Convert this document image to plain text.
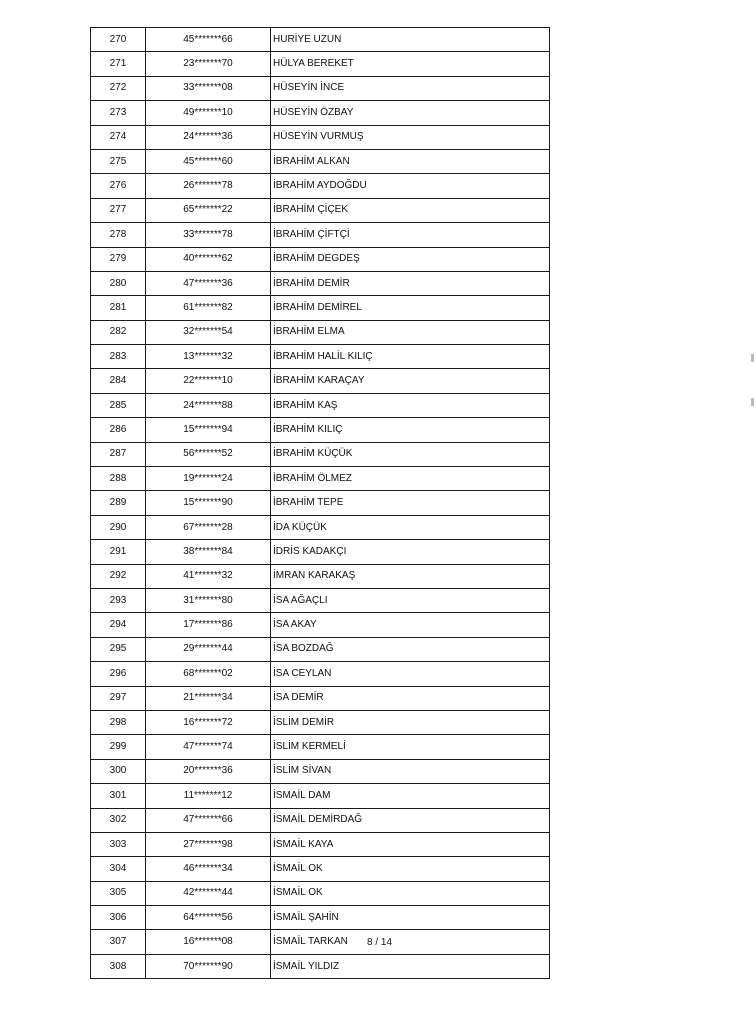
270	45*******66	HURİYE UZUN
271	23*******70	HÜLYA BEREKET
272	33*******08	HÜSEYİN İNCE
273	49*******10	HÜSEYİN ÖZBAY
274	24*******36	HÜSEYİN VURMUŞ
275	45*******60	İBRAHİM ALKAN
276	26*******78	İBRAHİM AYDOĞDU
277	65*******22	İBRAHİM ÇİÇEK
278	33*******78	İBRAHİM ÇİFTÇİ
279	40*******62	İBRAHİM DEGDEŞ
280	47*******36	İBRAHİM DEMİR
281	61*******82	İBRAHİM DEMİREL
282	32*******54	İBRAHİM ELMA
283	13*******32	İBRAHİM HALİL KILIÇ
284	22*******10	İBRAHİM KARAÇAY
285	24*******88	İBRAHİM KAŞ
286	15*******94	İBRAHİM KILIÇ
287	56*******52	İBRAHİM KÜÇÜK
288	19*******24	İBRAHİM ÖLMEZ
289	15*******90	İBRAHİM TEPE
290	67*******28	İDA KÜÇÜK
291	38*******84	İDRİS KADAKÇI
292	41*******32	İMRAN KARAKAŞ
293	31*******80	İSA AĞAÇLI
294	17*******86	İSA AKAY
295	29*******44	İSA BOZDAĞ
296	68*******02	İSA CEYLAN
297	21*******34	İSA DEMİR
298	16*******72	İSLİM DEMİR
299	47*******74	İSLİM KERMELİ
300	20*******36	İSLİM SİVAN
301	11*******12	İSMAİL DAM
302	47*******66	İSMAİL DEMİRDAĞ
303	27*******98	İSMAİL KAYA
304	46*******34	İSMAİL OK
305	42*******44	İSMAİL OK
306	64*******56	İSMAİL ŞAHİN
307	16*******08	İSMAİL TARKAN
308	70*******90	İSMAİL YILDIZ
8 / 14
